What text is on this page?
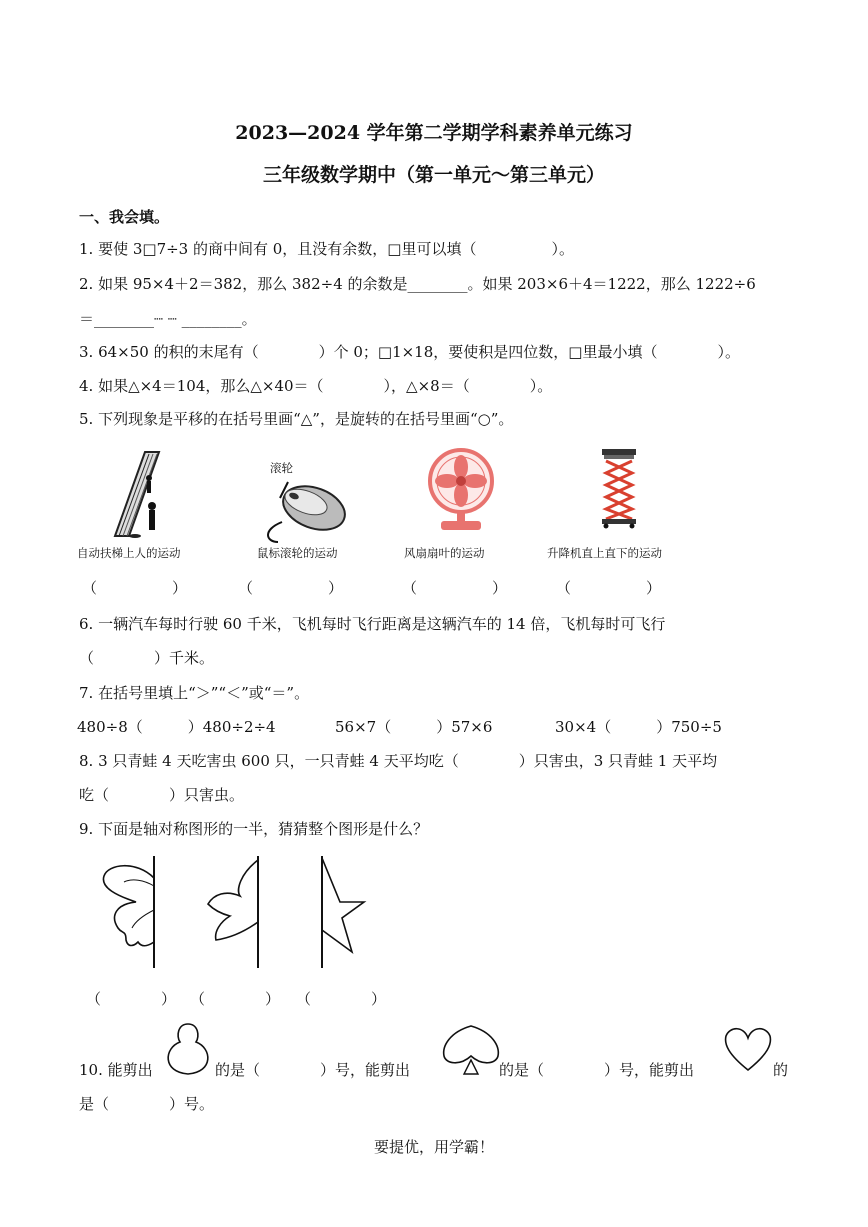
2023—2024 学年第二学期学科素养单元练习
三年级数学期中（第一单元～第三单元）
一、我会填。
1. 要使 3□7÷3 的商中间有 0，且没有余数，□里可以填（　　　　　）。
2. 如果 95×4＋2＝382，那么 382÷4 的余数是________。如果 203×6＋4＝1222，那么 1222÷6
＝________┈ ┈ ________。
3. 64×50 的积的末尾有（　　　　）个 0；□1×18，要使积是四位数，□里最小填（　　　　）。
4. 如果△×4＝104，那么△×40＝（　　　　），△×8＝（　　　　）。
5. 下列现象是平移的在括号里画“△”，是旋转的在括号里画“○”。
滚轮
自动扶梯上人的运动	鼠标滚轮的运动	风扇扇叶的运动	升降机直上直下的运动
（　　　　　）	（　　　　　）	（　　　　　）	（　　　　　）
6. 一辆汽车每时行驶 60 千米，飞机每时飞行距离是这辆汽车的 14 倍，飞机每时可飞行
（　　　　）千米。
7. 在括号里填上“＞”“＜”或“＝”。
480÷8（　　　）480÷2÷4	56×7（　　　）57×6	30×4（　　　）750÷5
8. 3 只青蛙 4 天吃害虫 600 只，一只青蛙 4 天平均吃（　　　　）只害虫，3 只青蛙 1 天平均
吃（　　　　）只害虫。
9. 下面是轴对称图形的一半，猜猜整个图形是什么？
（　　　　） （　　　　） （　　　　）
10. 能剪出	的是（　　　　）号，能剪出	的是（　　　　）号，能剪出	的
是（　　　　）号。
要提优，用学霸！
